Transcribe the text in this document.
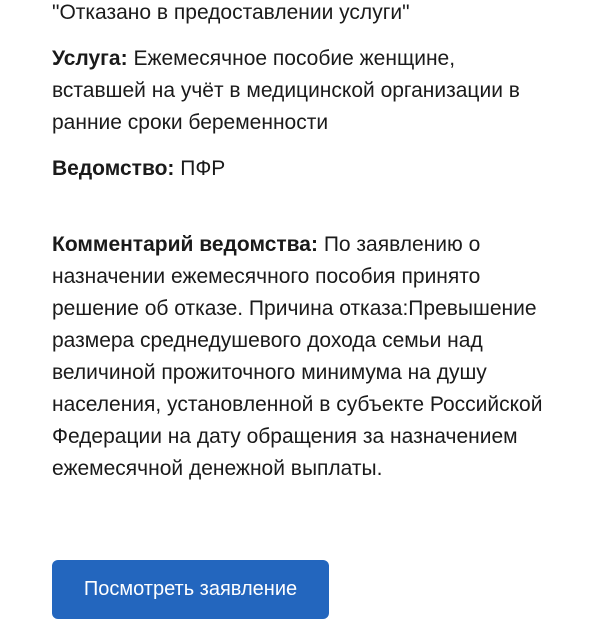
"Отказано в предоставлении услуги"

Услуга: Ежемесячное пособие женщине, вставшей на учёт в медицинской организации в ранние сроки беременности

Ведомство: ПФР

Комментарий ведомства: По заявлению о назначении ежемесячного пособия принято решение об отказе. Причина отказа:Превышение размера среднедушевого дохода семьи над величиной прожиточного минимума на душу населения, установленной в субъекте Российской Федерации на дату обращения за назначением ежемесячной денежной выплаты.

Посмотреть заявление
